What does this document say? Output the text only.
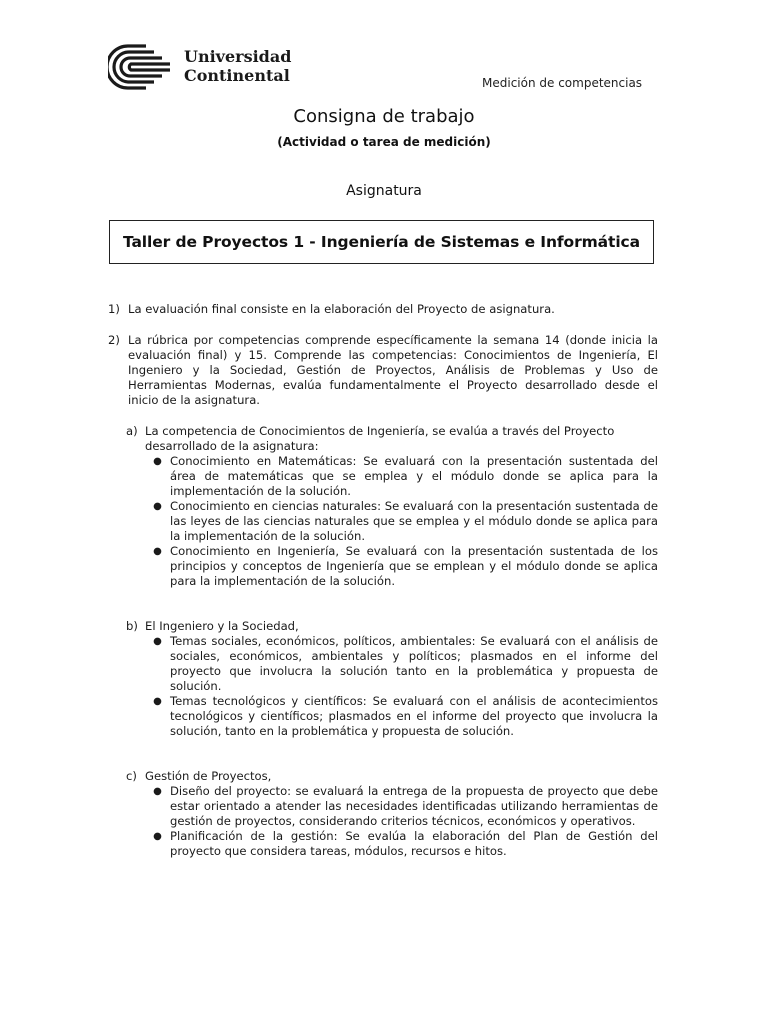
Universidad
Continental	Medición de competencias
Consigna de trabajo
(Actividad o tarea de medición)
Asignatura
Taller de Proyectos 1 - Ingeniería de Sistemas e Informática
1) La evaluación final consiste en la elaboración del Proyecto de asignatura.
2) La rúbrica por competencias comprende específicamente la semana 14 (donde inicia la evaluación final) y 15. Comprende las competencias: Conocimientos de Ingeniería, El Ingeniero y la Sociedad, Gestión de Proyectos, Análisis de Problemas y Uso de Herramientas Modernas, evalúa fundamentalmente el Proyecto desarrollado desde el inicio de la asignatura.
a) La competencia de Conocimientos de Ingeniería, se evalúa a través del Proyecto desarrollado de la asignatura:
● Conocimiento en Matemáticas: Se evaluará con la presentación sustentada del área de matemáticas que se emplea y el módulo donde se aplica para la implementación de la solución.
● Conocimiento en ciencias naturales: Se evaluará con la presentación sustentada de las leyes de las ciencias naturales que se emplea y el módulo donde se aplica para la implementación de la solución.
● Conocimiento en Ingeniería, Se evaluará con la presentación sustentada de los principios y conceptos de Ingeniería que se emplean y el módulo donde se aplica para la implementación de la solución.
b) El Ingeniero y la Sociedad,
● Temas sociales, económicos, políticos, ambientales: Se evaluará con el análisis de sociales, económicos, ambientales y políticos; plasmados en el informe del proyecto que involucra la solución tanto en la problemática y propuesta de solución.
● Temas tecnológicos y científicos: Se evaluará con el análisis de acontecimientos tecnológicos y científicos; plasmados en el informe del proyecto que involucra la solución, tanto en la problemática y propuesta de solución.
c) Gestión de Proyectos,
● Diseño del proyecto: se evaluará la entrega de la propuesta de proyecto que debe estar orientado a atender las necesidades identificadas utilizando herramientas de gestión de proyectos, considerando criterios técnicos, económicos y operativos.
● Planificación de la gestión: Se evalúa la elaboración del Plan de Gestión del proyecto que considera tareas, módulos, recursos e hitos.
